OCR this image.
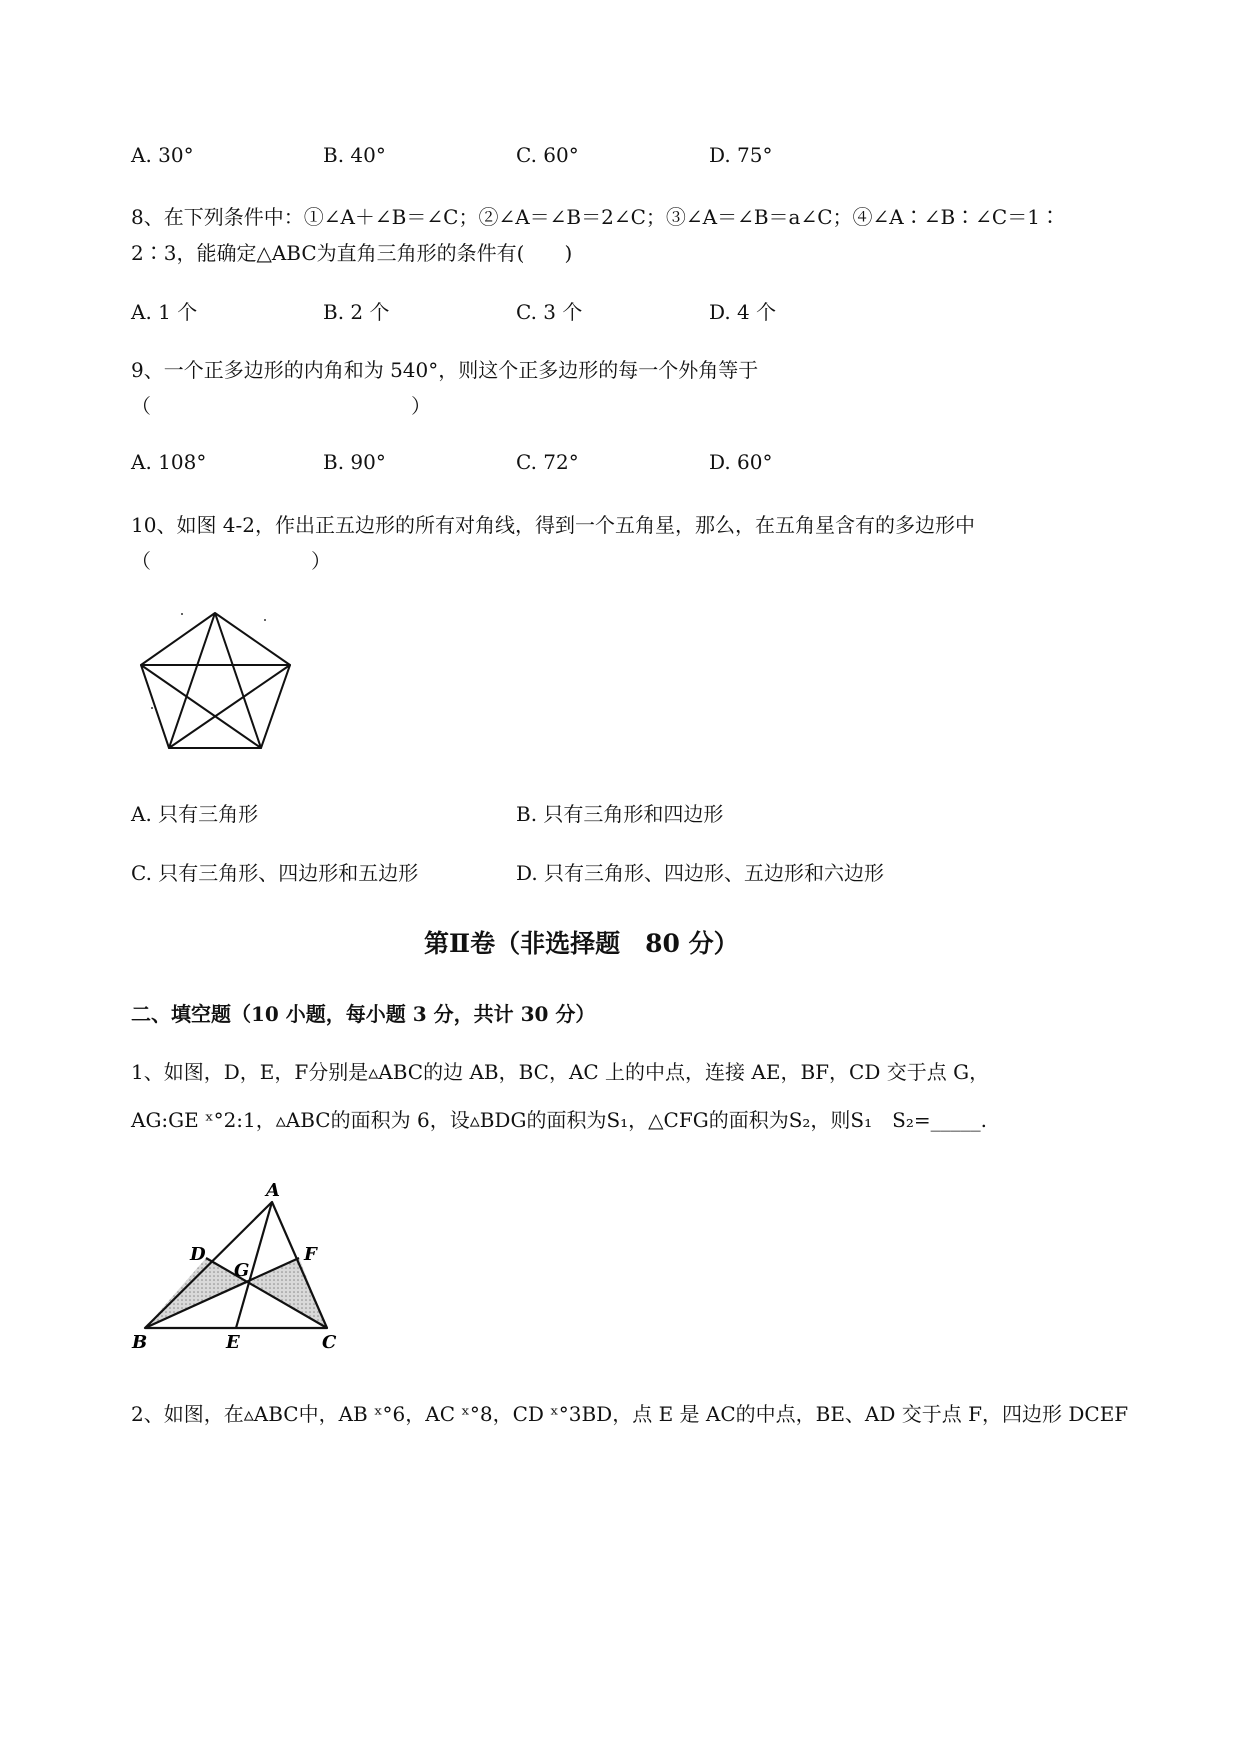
A. 30°	B. 40°	C. 60°	D. 75°
8、在下列条件中：①∠A＋∠B＝∠C；②∠A＝∠B＝2∠C；③∠A＝∠B＝a∠C；④∠A∶∠B∶∠C＝1∶
2∶3，能确定△ABC为直角三角形的条件有(　　)
A. 1 个	B. 2 个	C. 3 个	D. 4 个
9、一个正多边形的内角和为 540°，则这个正多边形的每一个外角等于
（　　　　　　　　　　　　　）
A. 108°	B. 90°	C. 72°	D. 60°
10、如图 4-2，作出正五边形的所有对角线，得到一个五角星，那么，在五角星含有的多边形中
（　　　　　　　　）
A. 只有三角形	B. 只有三角形和四边形
C. 只有三角形、四边形和五边形	D. 只有三角形、四边形、五边形和六边形
第Ⅱ卷（非选择题　80 分）
二、填空题（10 小题，每小题 3 分，共计 30 分）
1、如图，D，E，F分别是▵ABC的边 AB，BC，AC 上的中点，连接 AE，BF，CD 交于点 G，
AG:GE ˣ°2:1，▵ABC的面积为 6，设▵BDG的面积为S₁，△CFG的面积为S₂，则S₁　S₂=_____.
A
B	C
D
E
F
G
2、如图，在▵ABC中，AB ˣ°6，AC ˣ°8，CD ˣ°3BD，点 E 是 AC的中点，BE、AD 交于点 F，四边形 DCEF
